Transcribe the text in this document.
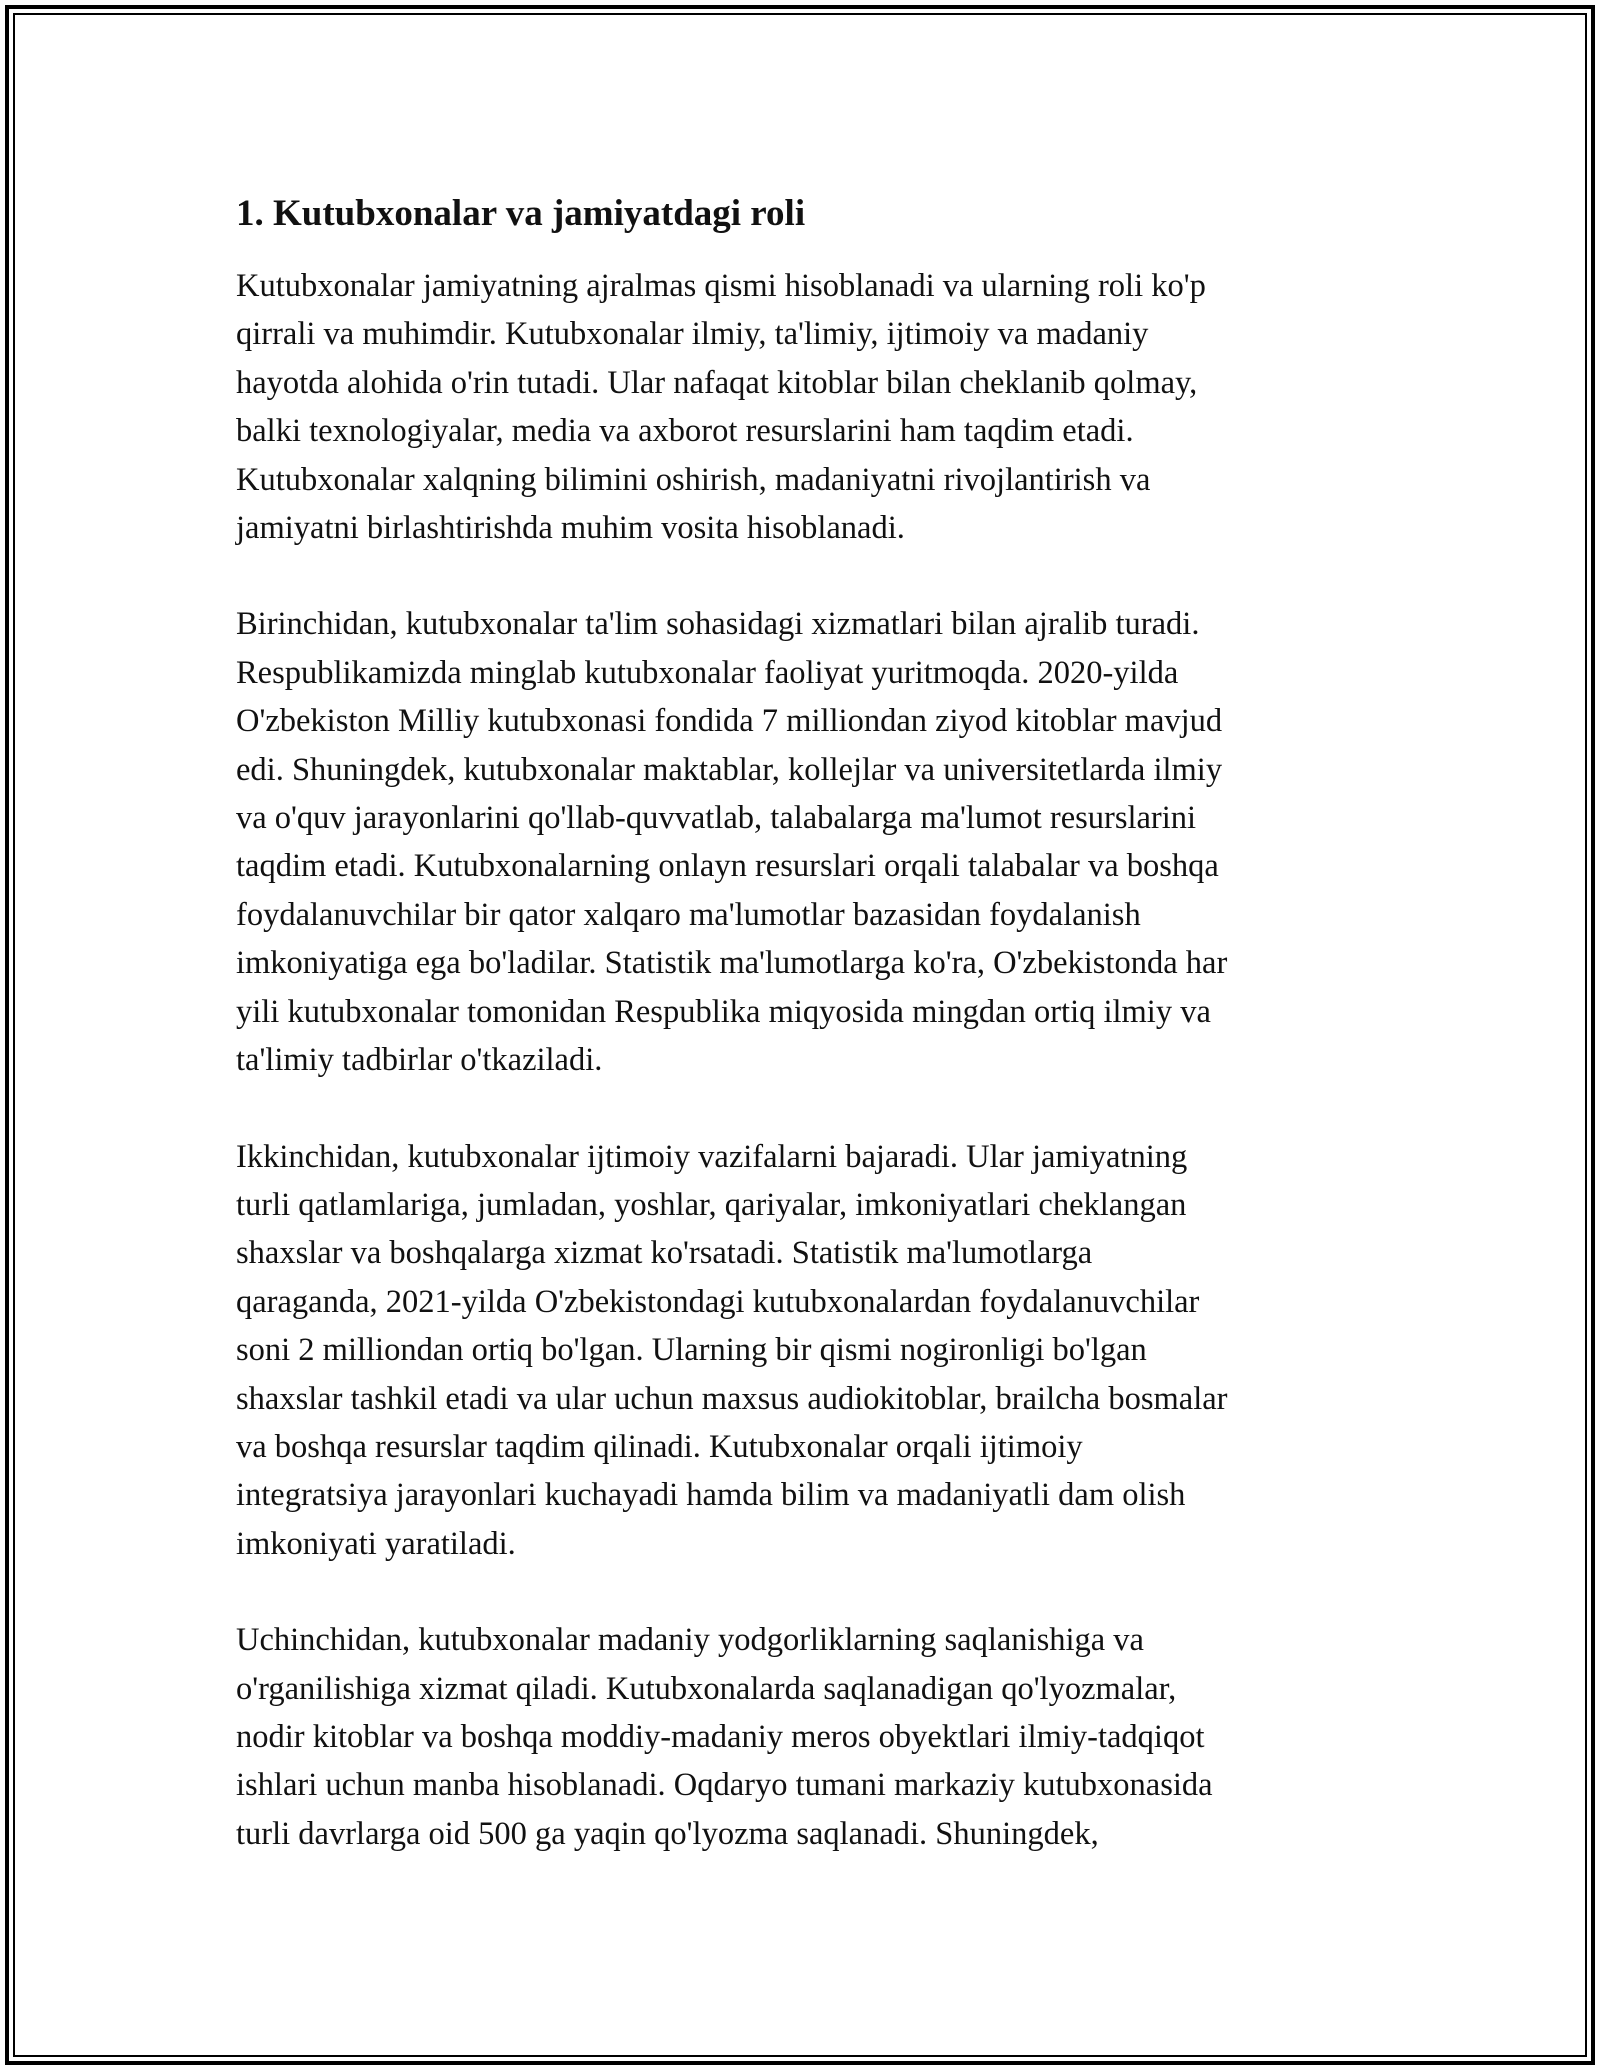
1. Kutubxonalar va jamiyatdagi roli

Kutubxonalar jamiyatning ajralmas qismi hisoblanadi va ularning roli ko'p
qirrali va muhimdir. Kutubxonalar ilmiy, ta'limiy, ijtimoiy va madaniy
hayotda alohida o'rin tutadi. Ular nafaqat kitoblar bilan cheklanib qolmay,
balki texnologiyalar, media va axborot resurslarini ham taqdim etadi.
Kutubxonalar xalqning bilimini oshirish, madaniyatni rivojlantirish va
jamiyatni birlashtirishda muhim vosita hisoblanadi.

Birinchidan, kutubxonalar ta'lim sohasidagi xizmatlari bilan ajralib turadi.
Respublikamizda minglab kutubxonalar faoliyat yuritmoqda. 2020-yilda
O'zbekiston Milliy kutubxonasi fondida 7 milliondan ziyod kitoblar mavjud
edi. Shuningdek, kutubxonalar maktablar, kollejlar va universitetlarda ilmiy
va o'quv jarayonlarini qo'llab-quvvatlab, talabalarga ma'lumot resurslarini
taqdim etadi. Kutubxonalarning onlayn resurslari orqali talabalar va boshqa
foydalanuvchilar bir qator xalqaro ma'lumotlar bazasidan foydalanish
imkoniyatiga ega bo'ladilar. Statistik ma'lumotlarga ko'ra, O'zbekistonda har
yili kutubxonalar tomonidan Respublika miqyosida mingdan ortiq ilmiy va
ta'limiy tadbirlar o'tkaziladi.

Ikkinchidan, kutubxonalar ijtimoiy vazifalarni bajaradi. Ular jamiyatning
turli qatlamlariga, jumladan, yoshlar, qariyalar, imkoniyatlari cheklangan
shaxslar va boshqalarga xizmat ko'rsatadi. Statistik ma'lumotlarga
qaraganda, 2021-yilda O'zbekistondagi kutubxonalardan foydalanuvchilar
soni 2 milliondan ortiq bo'lgan. Ularning bir qismi nogironligi bo'lgan
shaxslar tashkil etadi va ular uchun maxsus audiokitoblar, brailcha bosmalar
va boshqa resurslar taqdim qilinadi. Kutubxonalar orqali ijtimoiy
integratsiya jarayonlari kuchayadi hamda bilim va madaniyatli dam olish
imkoniyati yaratiladi.

Uchinchidan, kutubxonalar madaniy yodgorliklarning saqlanishiga va
o'rganilishiga xizmat qiladi. Kutubxonalarda saqlanadigan qo'lyozmalar,
nodir kitoblar va boshqa moddiy-madaniy meros obyektlari ilmiy-tadqiqot
ishlari uchun manba hisoblanadi. Oqdaryo tumani markaziy kutubxonasida
turli davrlarga oid 500 ga yaqin qo'lyozma saqlanadi. Shuningdek,
